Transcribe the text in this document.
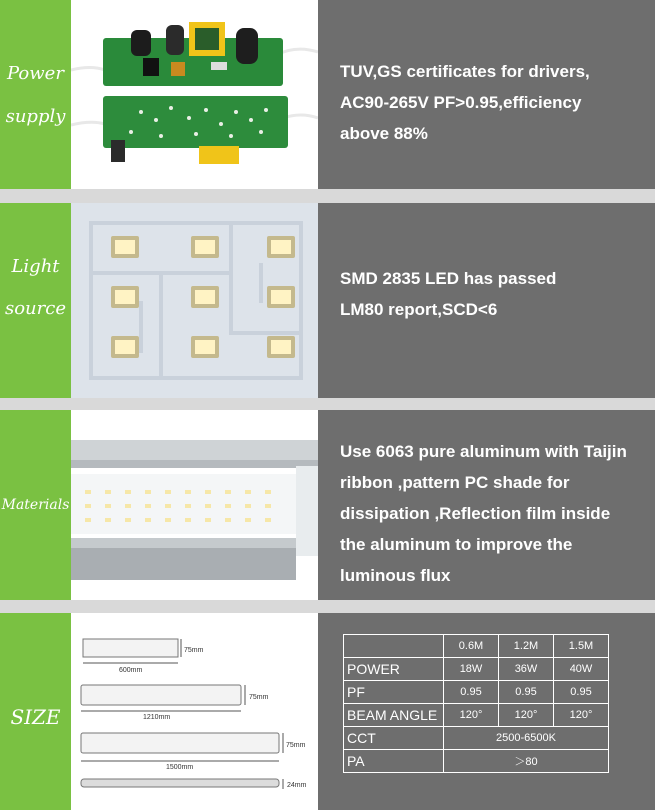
Power
supply
TUV,GS certificates for drivers,
AC90-265V PF>0.95,efficiency
above 88%
Light
source
SMD 2835 LED has passed
LM80 report,SCD<6
Materials
Use 6063 pure aluminum with Taijin
ribbon ,pattern PC shade for
dissipation ,Reflection film inside
the aluminum to improve the
luminous flux
SIZE
75mm
600mm
75mm
1210mm
75mm
1500mm
24mm
	0.6M	1.2M	1.5M
POWER	18W	36W	40W
PF	0.95	0.95	0.95
BEAM ANGLE	120°	120°	120°
CCT	2500-6500K		
PA	＞80		
